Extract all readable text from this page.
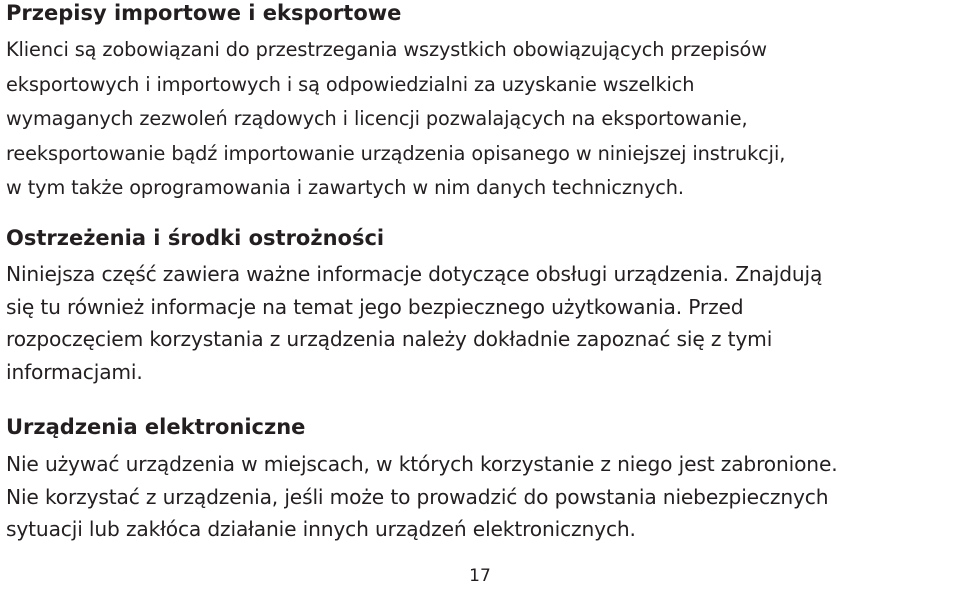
Przepisy importowe i eksportowe

Klienci są zobowiązani do przestrzegania wszystkich obowiązujących przepisów
eksportowych i importowych i są odpowiedzialni za uzyskanie wszelkich
wymaganych zezwoleń rządowych i licencji pozwalających na eksportowanie,
reeksportowanie bądź importowanie urządzenia opisanego w niniejszej instrukcji,
w tym także oprogramowania i zawartych w nim danych technicznych.

Ostrzeżenia i środki ostrożności

Niniejsza część zawiera ważne informacje dotyczące obsługi urządzenia. Znajdują
się tu również informacje na temat jego bezpiecznego użytkowania. Przed
rozpoczęciem korzystania z urządzenia należy dokładnie zapoznać się z tymi
informacjami.

Urządzenia elektroniczne

Nie używać urządzenia w miejscach, w których korzystanie z niego jest zabronione.
Nie korzystać z urządzenia, jeśli może to prowadzić do powstania niebezpiecznych
sytuacji lub zakłóca działanie innych urządzeń elektronicznych.

17
